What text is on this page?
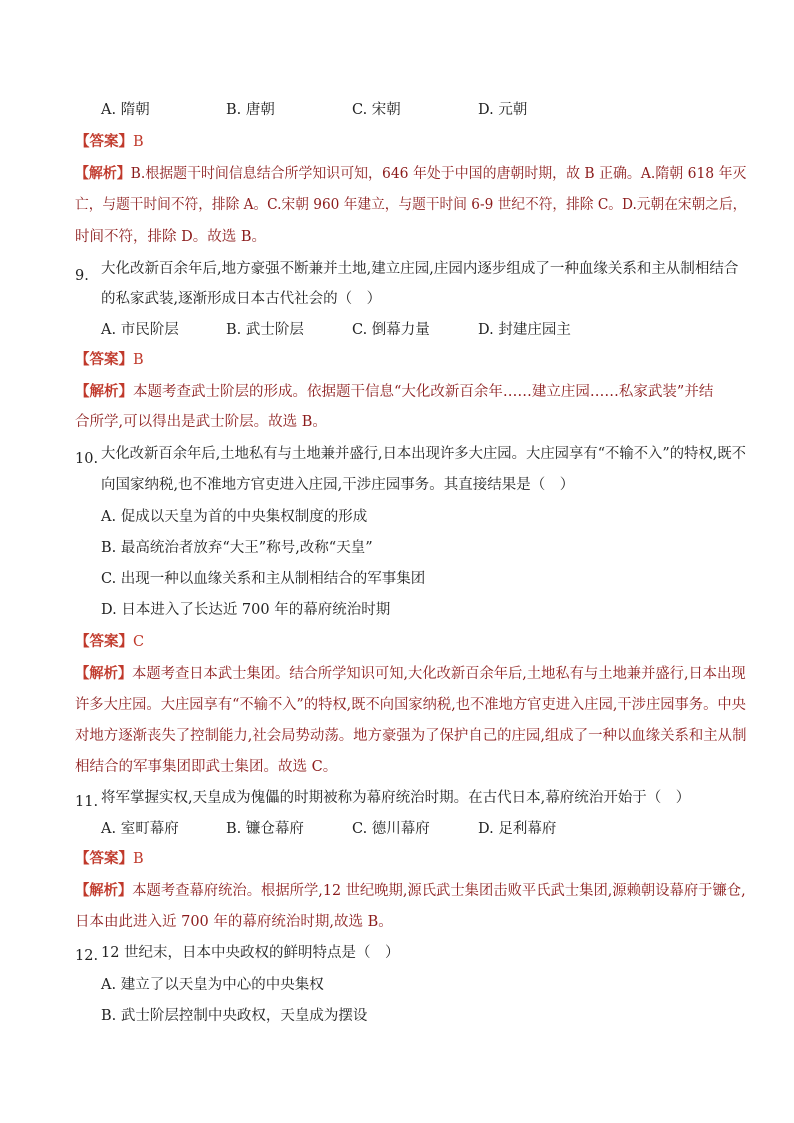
A. 隋朝	B. 唐朝	C. 宋朝	D. 元朝
【答案】B
【解析】B.根据题干时间信息结合所学知识可知，646 年处于中国的唐朝时期，故 B 正确。A.隋朝 618 年灭
亡，与题干时间不符，排除 A。C.宋朝 960 年建立，与题干时间 6-9 世纪不符，排除 C。D.元朝在宋朝之后，
时间不符，排除 D。故选 B。
9. 大化改新百余年后,地方豪强不断兼并土地,建立庄园,庄园内逐步组成了一种血缘关系和主从制相结合
的私家武装,逐渐形成日本古代社会的（　）
A. 市民阶层	B. 武士阶层	C. 倒幕力量	D. 封建庄园主
【答案】B
【解析】本题考查武士阶层的形成。依据题干信息“大化改新百余年……建立庄园……私家武装”并结
合所学,可以得出是武士阶层。故选 B。
10. 大化改新百余年后,土地私有与土地兼并盛行,日本出现许多大庄园。大庄园享有“不输不入”的特权,既不
向国家纳税,也不准地方官吏进入庄园,干涉庄园事务。其直接结果是（　）
A. 促成以天皇为首的中央集权制度的形成
B. 最高统治者放弃“大王”称号,改称“天皇”
C. 出现一种以血缘关系和主从制相结合的军事集团
D. 日本进入了长达近 700 年的幕府统治时期
【答案】C
【解析】本题考查日本武士集团。结合所学知识可知,大化改新百余年后,土地私有与土地兼并盛行,日本出现
许多大庄园。大庄园享有“不输不入”的特权,既不向国家纳税,也不准地方官吏进入庄园,干涉庄园事务。中央
对地方逐渐丧失了控制能力,社会局势动荡。地方豪强为了保护自己的庄园,组成了一种以血缘关系和主从制
相结合的军事集团即武士集团。故选 C。
11. 将军掌握实权,天皇成为傀儡的时期被称为幕府统治时期。在古代日本,幕府统治开始于（　）
A. 室町幕府	B. 镰仓幕府	C. 德川幕府	D. 足利幕府
【答案】B
【解析】本题考查幕府统治。根据所学,12 世纪晚期,源氏武士集团击败平氏武士集团,源赖朝设幕府于镰仓,
日本由此进入近 700 年的幕府统治时期,故选 B。
12. 12 世纪末，日本中央政权的鲜明特点是（　）
A. 建立了以天皇为中心的中央集权
B. 武士阶层控制中央政权，天皇成为摆设
